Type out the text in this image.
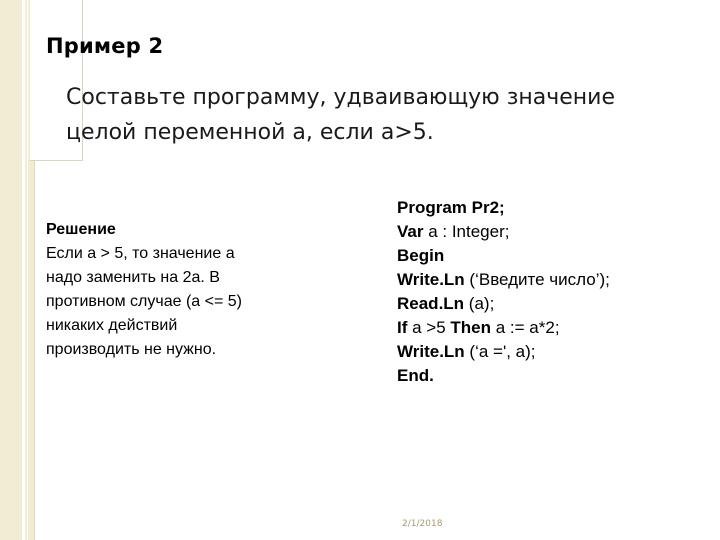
Пример 2
Составьте программу, удваивающую значение
целой переменной a, если a>5.
Решение
Если а > 5, то значение а
надо заменить на 2а. В
противном случае (а <= 5)
никаких действий
производить не нужно.
Program Pr2;
Var a : Integer;
Begin
Write.Ln (‘Введите число’);
Read.Ln (a);
If a >5 Then a := a*2;
Write.Ln (‘a =', a);
End.
2/1/2018
